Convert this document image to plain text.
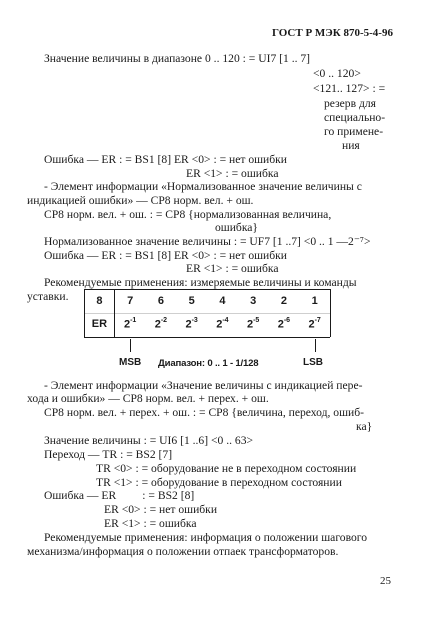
ГОСТ Р МЭК 870-5-4-96
Значение величины в диапазоне 0 .. 120 : = UI7 [1 .. 7]
<0 .. 120>
<121.. 127> : =
резерв для
специально-
го примене-
ния
Ошибка — ER : = BS1 [8] ER <0> : = нет ошибки
ER <1> : = ошибка
- Элемент информации «Нормализованное значение величины с
индикацией ошибки» — CP8 норм. вел. + ош.
CP8 норм. вел. + ош. : = CP8 {нормализованная величина,
ошибка}
Нормализованное значение величины : = UF7 [1 ..7] <0 .. 1 —2⁻⁷>
Ошибка — ER : = BS1 [8] ER <0> : = нет ошибки
ER <1> : = ошибка
Рекомендуемые применения: измеряемые величины и команды
уставки.	8
ER
7
$2^{-1}$
6
$2^{-2}$
5
$2^{-3}$
4
$2^{-4}$
3
$2^{-5}$
2
$2^{-6}$
1
$2^{-7}$
MSB Диапазон: 0 .. 1 - 1/128	LSB
- Элемент информации «Значение величины с индикацией пере-
хода и ошибки» — CP8 норм. вел. + перех. + ош.
CP8 норм. вел. + перех. + ош. : = CP8 {величина, переход, ошиб-
ка}
Значение величины : = UI6 [1 ..6] <0 .. 63>
Переход — TR : = BS2 [7]
TR <0> : = оборудование не в переходном состоянии
TR <1> : = оборудование в переходном состоянии
Ошибка — ER         : = BS2 [8]
ER <0> : = нет ошибки
ER <1> : = ошибка
Рекомендуемые применения: информация о положении шагового
механизма/информация о положении отпаек трансформаторов.
25
